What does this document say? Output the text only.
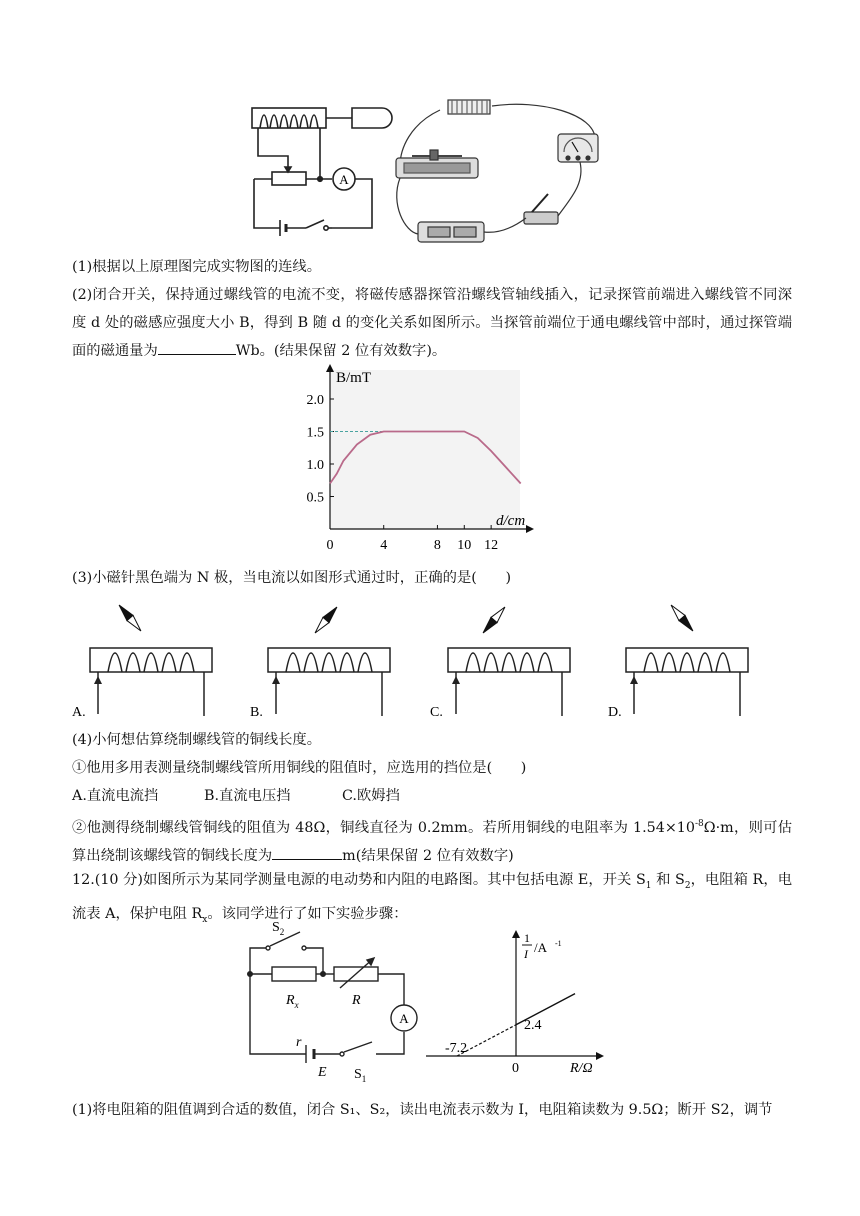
A
(1)根据以上原理图完成实物图的连线。
(2)闭合开关，保持通过螺线管的电流不变，将磁传感器探管沿螺线管轴线插入，记录探管前端进入螺线管不同深度 d 处的磁感应强度大小 B，得到 B 随 d 的变化关系如图所示。当探管前端位于通电螺线管中部时，通过探管端面的磁通量为	Wb。(结果保留 2 位有效数字)。
B/mT
d/cm
0.5
1.0
1.5
2.0
0	4	8 10 12
(3)小磁针黑色端为 N 极，当电流以如图形式通过时，正确的是(　　)
A.	B.	C.	D.
(4)小何想估算绕制螺线管的铜线长度。
①他用多用表测量绕制螺线管所用铜线的阻值时，应选用的挡位是(　　)
A.直流电流挡	B.直流电压挡	C.欧姆挡
②他测得绕制螺线管铜线的阻值为 48Ω，铜线直径为 0.2mm。若所用铜线的电阻率为 $1.54\times 10^{-8}\Omega\cdot m$，则可估算出绕制该螺线管的铜线长度为	m(结果保留 2 位有效数字)
12.(10 分)如图所示为某同学测量电源的电动势和内阻的电路图。其中包括电源 E，开关 $S_1$ 和 $S_2$，电阻箱 R，电流表 A，保护电阻 $R_x$。该同学进行了如下实验步骤：
$S_2$
$R_x$	R
A
r
E $S_1$
1
I /A -1
2.4
-7.2
0	R/Ω
(1)将电阻箱的阻值调到合适的数值，闭合 S₁、S₂，读出电流表示数为 I，电阻箱读数为 9.5Ω；断开 S2，调节
